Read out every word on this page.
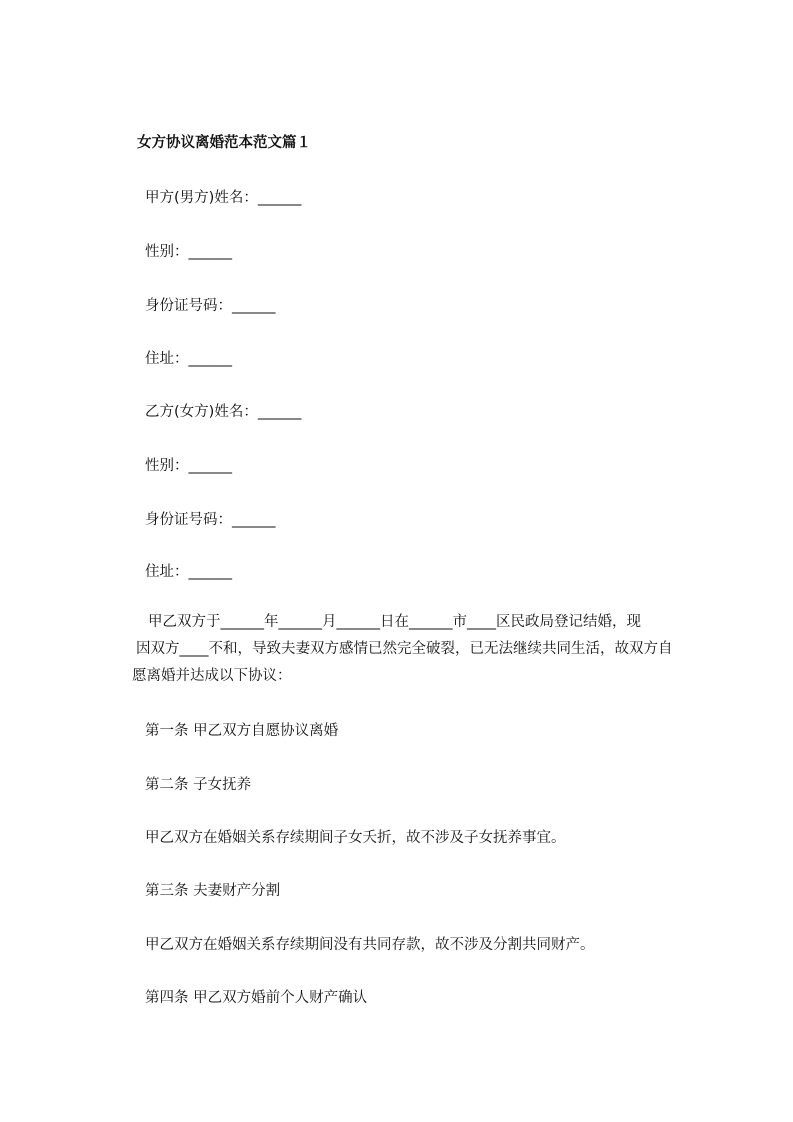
女方协议离婚范本范文篇１
甲方(男方)姓名：______
性别：______
身份证号码：______
住址：______
乙方(女方)姓名：______
性别：______
身份证号码：______
住址：______
甲乙双方于______年______月______日在______市____区民政局登记结婚，现
因双方____不和，导致夫妻双方感情已然完全破裂，已无法继续共同生活，故双方自
愿离婚并达成以下协议：
第一条 甲乙双方自愿协议离婚
第二条 子女抚养
甲乙双方在婚姻关系存续期间子女夭折，故不涉及子女抚养事宜。
第三条 夫妻财产分割
甲乙双方在婚姻关系存续期间没有共同存款，故不涉及分割共同财产。
第四条 甲乙双方婚前个人财产确认
